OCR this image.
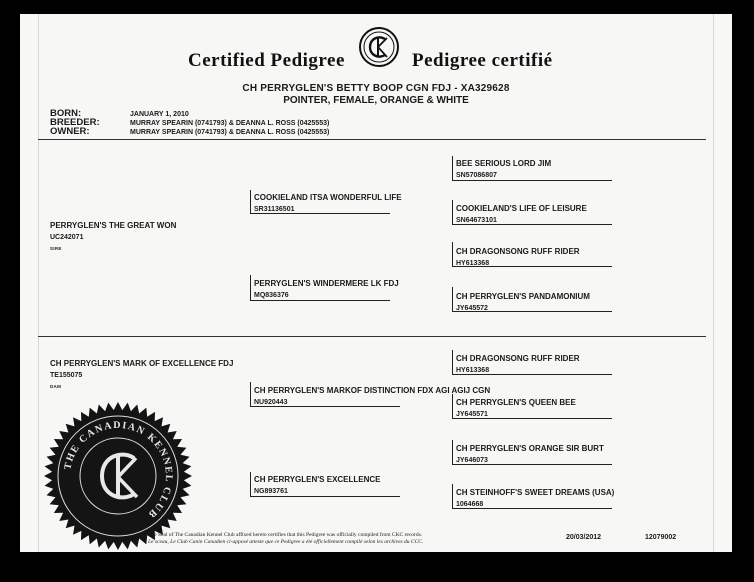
Certified Pedigree	Pedigree certifié
CH PERRYGLEN'S BETTY BOOP CGN FDJ - XA329628
POINTER, FEMALE, ORANGE & WHITE
BORN:	JANUARY 1, 2010
BREEDER:	MURRAY SPEARIN (0741793) & DEANNA L. ROSS (0425553)
OWNER:	MURRAY SPEARIN (0741793) & DEANNA L. ROSS (0425553)
PERRYGLEN'S THE GREAT WON
UC242071
SIRE
COOKIELAND ITSA WONDERFUL LIFE
SR31136501
PERRYGLEN'S WINDERMERE LK FDJ
MQ836376
BEE SERIOUS LORD JIM
SN57086807
COOKIELAND'S LIFE OF LEISURE
SN64673101
CH DRAGONSONG RUFF RIDER
HY613368
CH PERRYGLEN'S PANDAMONIUM
JY645572
CH PERRYGLEN'S MARK OF EXCELLENCE FDJ
TE155075
DAM	CH PERRYGLEN'S MARKOF DISTINCTION FDX AGI AGIJ CGN
NU920443
CH PERRYGLEN'S EXCELLENCE
NG893761
CH DRAGONSONG RUFF RIDER
HY613368
CH PERRYGLEN'S QUEEN BEE
JY645571
CH PERRYGLEN'S ORANGE SIR BURT
JY646073
CH STEINHOFF'S SWEET DREAMS (USA)
1064668
THE CANADIAN KENNEL CLUB
The Seal of The Canadian Kennel Club affixed hereto certifies that this Pedigree was officially compiled from CKC records.
Le sceau, Le Club Canin Canadien ci-apposé atteste que ce Pedigree a été officiellement compilé selon les archives du CCC.
20/03/2012	12079002
